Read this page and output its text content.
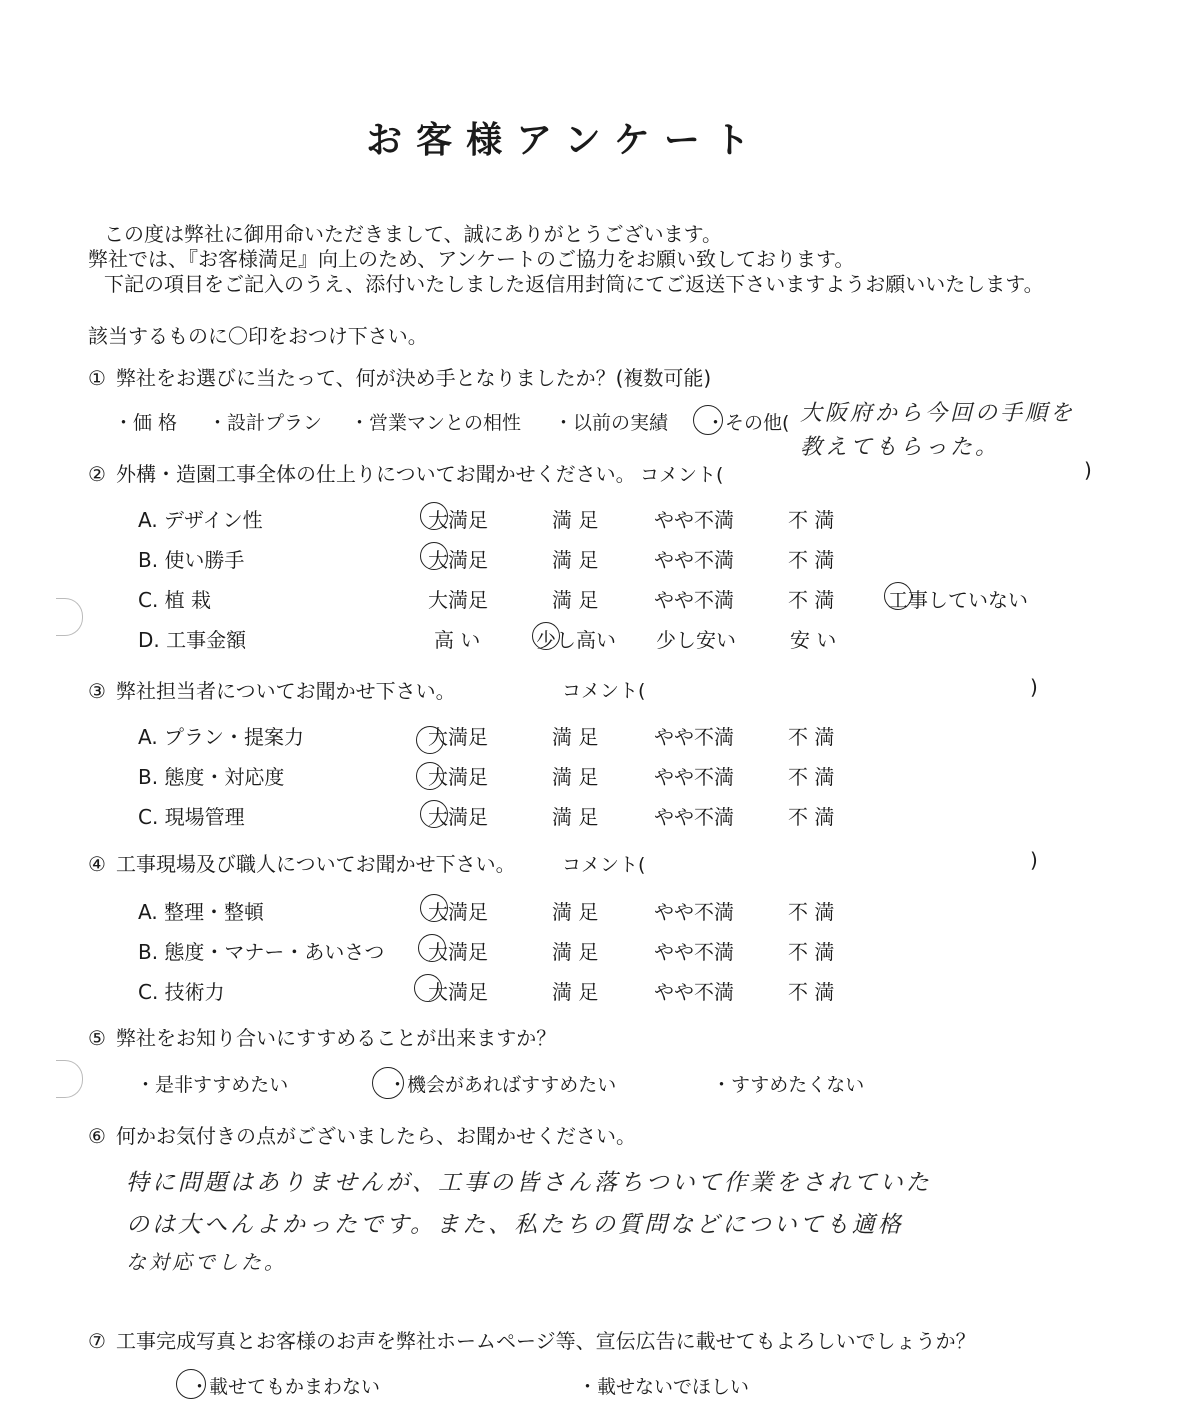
お客様アンケート
この度は弊社に御用命いただきまして、誠にありがとうございます。
弊社では、『お客様満足』向上のため、アンケートのご協力をお願い致しております。
下記の項目をご記入のうえ、添付いたしました返信用封筒にてご返送下さいますようお願いいたします。
該当するものに〇印をおつけ下さい。
① 弊社をお選びに当たって、何が決め手となりましたか？(複数可能)
・価 格 ・設計プラン ・営業マンとの相性 ・以前の実績 ・その他( 大阪府から今回の手順を
教えてもらった。
② 外構・造園工事全体の仕上りについてお聞かせください。 コメント(	)
A. デザイン性	大満足	満 足	やや不満	不 満
B. 使い勝手	大満足	満 足	やや不満	不 満
C. 植 栽	大満足	満 足	やや不満	不 満	工事していない
D. 工事金額	高 い	少し高い 少し安い	安 い
③ 弊社担当者についてお聞かせ下さい。	コメント(	)
A. プラン・提案力	大満足	満 足	やや不満	不 満
B. 態度・対応度	大満足	満 足	やや不満	不 満
C. 現場管理	大満足	満 足	やや不満	不 満
④ 工事現場及び職人についてお聞かせ下さい。 コメント(	)
A. 整理・整頓	大満足	満 足	やや不満	不 満
B. 態度・マナー・あいさつ 大満足	満 足	やや不満	不 満
C. 技術力	大満足	満 足	やや不満	不 満
⑤ 弊社をお知り合いにすすめることが出来ますか？
・是非すすめたい	・機会があればすすめたい	・すすめたくない
⑥ 何かお気付きの点がございましたら、お聞かせください。
特に問題はありませんが、工事の皆さん落ちついて作業をされていた
のは大へんよかったです。また、私たちの質問などについても適格
な対応でした。
⑦ 工事完成写真とお客様のお声を弊社ホームページ等、宣伝広告に載せてもよろしいでしょうか？
・載せてもかまわない	・載せないでほしい
